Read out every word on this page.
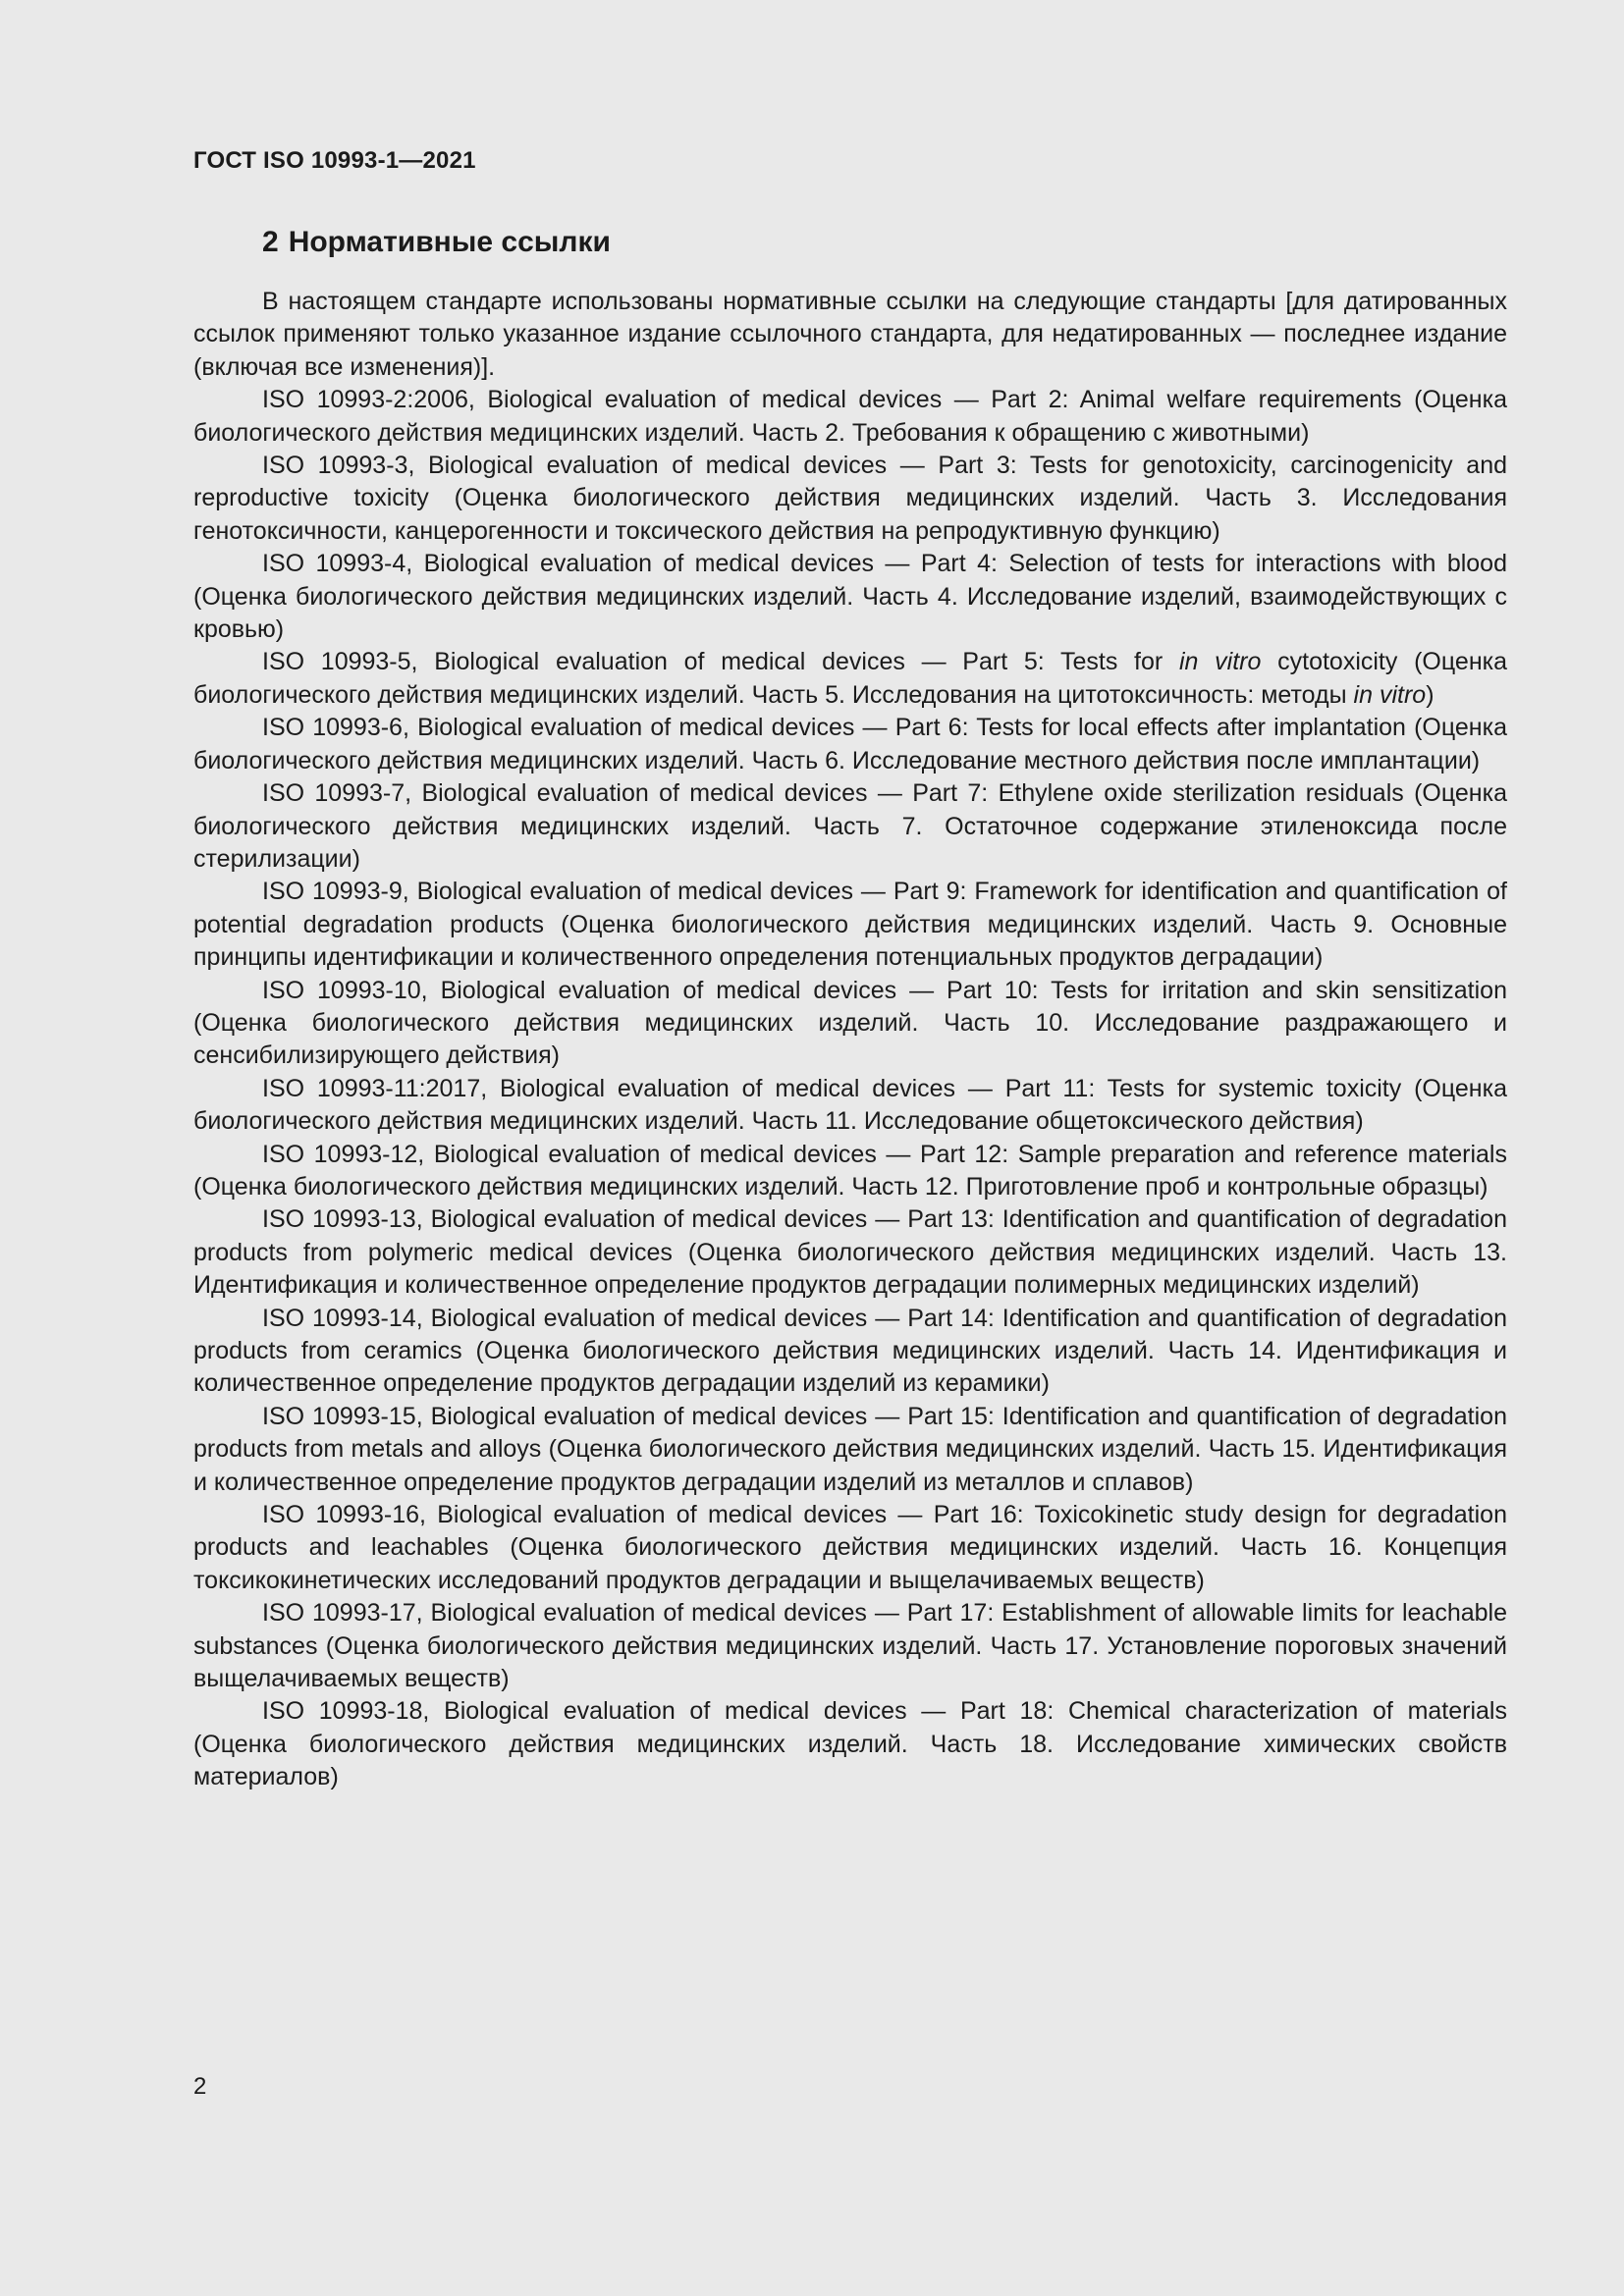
ГОСТ ISO 10993-1—2021
2 Нормативные ссылки

В настоящем стандарте использованы нормативные ссылки на следующие стандарты [для датированных ссылок применяют только указанное издание ссылочного стандарта, для недатированных — последнее издание (включая все изменения)].

ISO 10993-2:2006, Biological evaluation of medical devices — Part 2: Animal welfare requirements (Оценка биологического действия медицинских изделий. Часть 2. Требования к обращению с животными)

ISO 10993-3, Biological evaluation of medical devices — Part 3: Tests for genotoxicity, carcinogenicity and reproductive toxicity (Оценка биологического действия медицинских изделий. Часть 3. Исследования генотоксичности, канцерогенности и токсического действия на репродуктивную функцию)

ISO 10993-4, Biological evaluation of medical devices — Part 4: Selection of tests for interactions with blood (Оценка биологического действия медицинских изделий. Часть 4. Исследование изделий, взаимодействующих с кровью)

ISO 10993-5, Biological evaluation of medical devices — Part 5: Tests for in vitro cytotoxicity (Оценка биологического действия медицинских изделий. Часть 5. Исследования на цитотоксичность: методы in vitro)

ISO 10993-6, Biological evaluation of medical devices — Part 6: Tests for local effects after implantation (Оценка биологического действия медицинских изделий. Часть 6. Исследование местного действия после имплантации)

ISO 10993-7, Biological evaluation of medical devices — Part 7: Ethylene oxide sterilization residuals (Оценка биологического действия медицинских изделий. Часть 7. Остаточное содержание этиленоксида после стерилизации)

ISO 10993-9, Biological evaluation of medical devices — Part 9: Framework for identification and quantification of potential degradation products (Оценка биологического действия медицинских изделий. Часть 9. Основные принципы идентификации и количественного определения потенциальных продуктов деградации)

ISO 10993-10, Biological evaluation of medical devices — Part 10: Tests for irritation and skin sensitization (Оценка биологического действия медицинских изделий. Часть 10. Исследование раздражающего и сенсибилизирующего действия)

ISO 10993-11:2017, Biological evaluation of medical devices — Part 11: Tests for systemic toxicity (Оценка биологического действия медицинских изделий. Часть 11. Исследование общетоксического действия)

ISO 10993-12, Biological evaluation of medical devices — Part 12: Sample preparation and reference materials (Оценка биологического действия медицинских изделий. Часть 12. Приготовление проб и контрольные образцы)

ISO 10993-13, Biological evaluation of medical devices — Part 13: Identification and quantification of degradation products from polymeric medical devices (Оценка биологического действия медицинских изделий. Часть 13. Идентификация и количественное определение продуктов деградации полимерных медицинских изделий)

ISO 10993-14, Biological evaluation of medical devices — Part 14: Identification and quantification of degradation products from ceramics (Оценка биологического действия медицинских изделий. Часть 14. Идентификация и количественное определение продуктов деградации изделий из керамики)

ISO 10993-15, Biological evaluation of medical devices — Part 15: Identification and quantification of degradation products from metals and alloys (Оценка биологического действия медицинских изделий. Часть 15. Идентификация и количественное определение продуктов деградации изделий из металлов и сплавов)

ISO 10993-16, Biological evaluation of medical devices — Part 16: Toxicokinetic study design for degradation products and leachables (Оценка биологического действия медицинских изделий. Часть 16. Концепция токсикокинетических исследований продуктов деградации и выщелачиваемых веществ)

ISO 10993-17, Biological evaluation of medical devices — Part 17: Establishment of allowable limits for leachable substances (Оценка биологического действия медицинских изделий. Часть 17. Установление пороговых значений выщелачиваемых веществ)

ISO 10993-18, Biological evaluation of medical devices — Part 18: Chemical characterization of materials (Оценка биологического действия медицинских изделий. Часть 18. Исследование химических свойств материалов)

2
